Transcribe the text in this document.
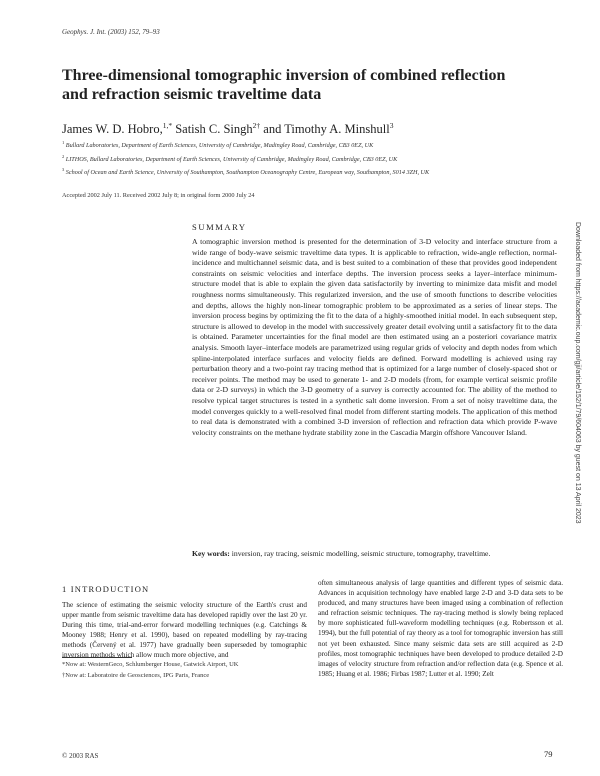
Geophys. J. Int. (2003) 152, 79–93
Three-dimensional tomographic inversion of combined reflection and refraction seismic traveltime data
James W. D. Hobro,$^{1,*}$ Satish C. Singh$^{2\dagger}$ and Timothy A. Minshull$^3$
$^1$ Bullard Laboratories, Department of Earth Sciences, University of Cambridge, Madingley Road, Cambridge, CB3 0EZ, UK
$^2$ LITHOS, Bullard Laboratories, Department of Earth Sciences, University of Cambridge, Madingley Road, Cambridge, CB3 0EZ, UK
$^3$ School of Ocean and Earth Science, University of Southampton, Southampton Oceanography Centre, European way, Southampton, S014 3ZH, UK
Accepted 2002 July 11. Received 2002 July 8; in original form 2000 July 24
SUMMARY
A tomographic inversion method is presented for the determination of 3-D velocity and interface structure from a wide range of body-wave seismic traveltime data types. It is applicable to refraction, wide-angle reflection, normal-incidence and multichannel seismic data, and is best suited to a combination of these that provides good independent constraints on seismic velocities and interface depths. The inversion process seeks a layer–interface minimum-structure model that is able to explain the given data satisfactorily by inverting to minimize data misfit and model roughness norms simultaneously. This regularized inversion, and the use of smooth functions to describe velocities and depths, allows the highly non-linear tomographic problem to be approximated as a series of linear steps. The inversion process begins by optimizing the fit to the data of a highly-smoothed initial model. In each subsequent step, structure is allowed to develop in the model with successively greater detail evolving until a satisfactory fit to the data is obtained. Parameter uncertainties for the final model are then estimated using an a posteriori covariance matrix analysis. Smooth layer–interface models are parametrized using regular grids of velocity and depth nodes from which spline-interpolated interface surfaces and velocity fields are defined. Forward modelling is achieved using ray perturbation theory and a two-point ray tracing method that is optimized for a large number of closely-spaced shot or receiver points. The method may be used to generate 1- and 2-D models (from, for example vertical seismic profile data or 2-D surveys) in which the 3-D geometry of a survey is correctly accounted for. The ability of the method to resolve typical target structures is tested in a synthetic salt dome inversion. From a set of noisy traveltime data, the model converges quickly to a well-resolved final model from different starting models. The application of this method to real data is demonstrated with a combined 3-D inversion of reflection and refraction data which provide P-wave velocity constraints on the methane hydrate stability zone in the Cascadia Margin offshore Vancouver Island.
Key words: inversion, ray tracing, seismic modelling, seismic structure, tomography, traveltime.
Downloaded from https://academic.oup.com/gji/article/152/1/79/604063 by guest on 13 April 2023
1 INTRODUCTION
The science of estimating the seismic velocity structure of the Earth's crust and upper mantle from seismic traveltime data has developed rapidly over the last 20 yr. During this time, trial-and-error forward modelling techniques (e.g. Catchings & Mooney 1988; Henry et al. 1990), based on repeated modelling by ray-tracing methods (Červený et al. 1977) have gradually been superseded by tomographic inversion methods which allow much more objective, and
often simultaneous analysis of large quantities and different types of seismic data. Advances in acquisition technology have enabled large 2-D and 3-D data sets to be produced, and many structures have been imaged using a combination of reflection and refraction seismic techniques. The ray-tracing method is slowly being replaced by more sophisticated full-waveform modelling techniques (e.g. Robertsson et al. 1994), but the full potential of ray theory as a tool for tomographic inversion has still not yet been exhausted. Since many seismic data sets are still acquired as 2-D profiles, most tomographic techniques have been developed to produce detailed 2-D images of velocity structure from refraction and/or reflection data (e.g. Spence et al. 1985; Huang et al. 1986; Firbas 1987; Lutter et al. 1990; Zelt
*Now at: WesternGeco, Schlumberger House, Gatwick Airport, UK
†Now at: Laboratoire de Geosciences, IPG Paris, France
© 2003 RAS	79
